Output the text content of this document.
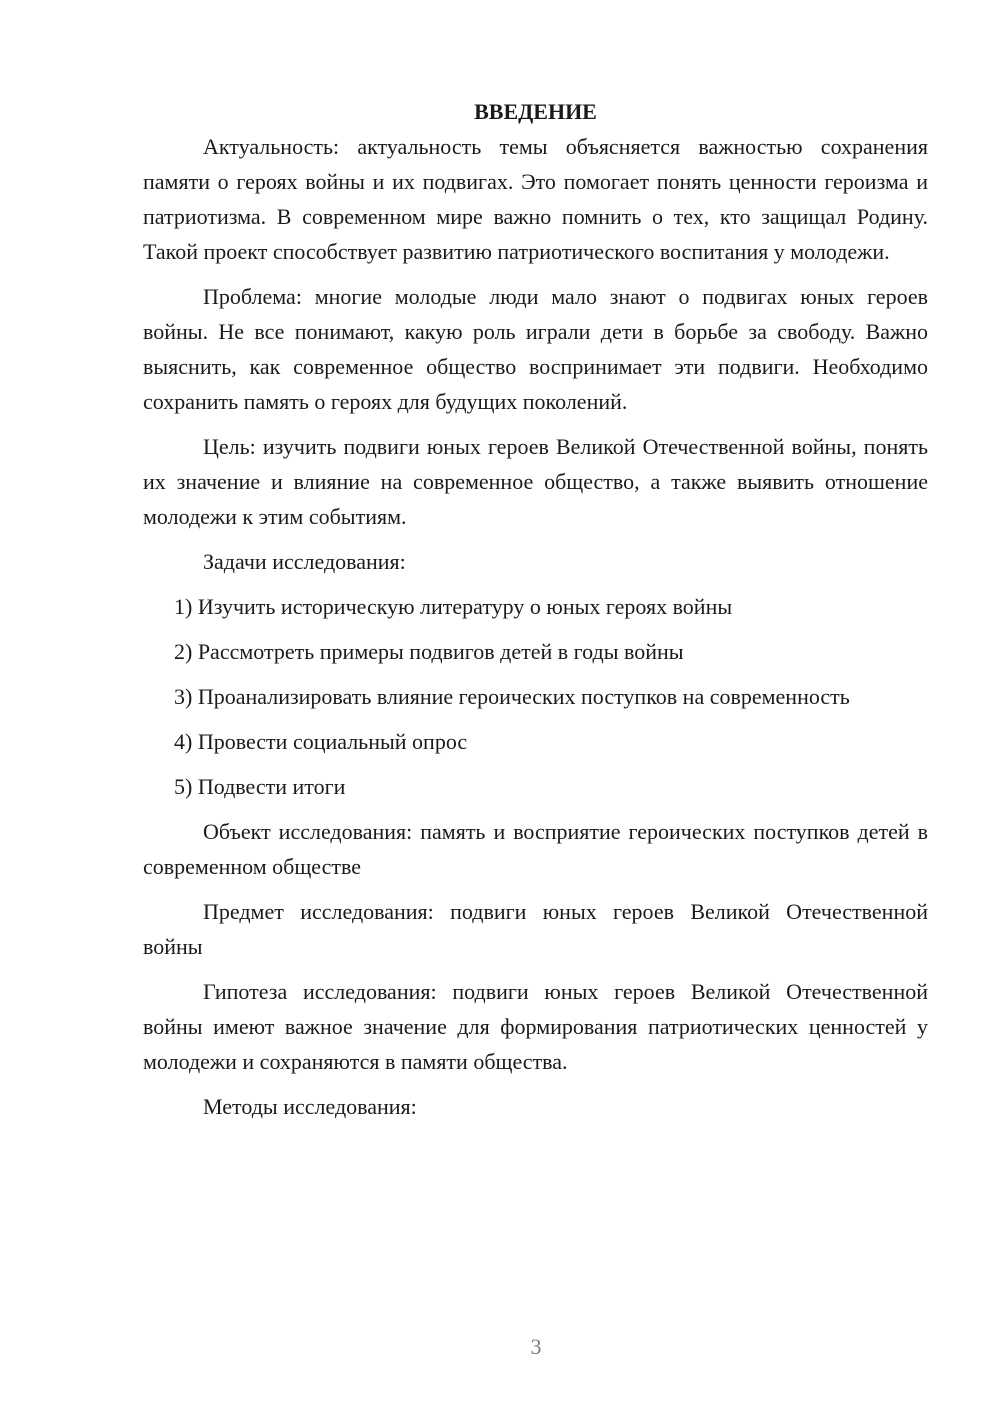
ВВЕДЕНИЕ

Актуальность: актуальность темы объясняется важностью сохранения памяти о героях войны и их подвигах. Это помогает понять ценности героизма и патриотизма. В современном мире важно помнить о тех, кто защищал Родину. Такой проект способствует развитию патриотического воспитания у молодежи.

Проблема: многие молодые люди мало знают о подвигах юных героев войны. Не все понимают, какую роль играли дети в борьбе за свободу. Важно выяснить, как современное общество воспринимает эти подвиги. Необходимо сохранить память о героях для будущих поколений.

Цель: изучить подвиги юных героев Великой Отечественной войны, понять их значение и влияние на современное общество, а также выявить отношение молодежи к этим событиям.

Задачи исследования:

1) Изучить историческую литературу о юных героях войны

2) Рассмотреть примеры подвигов детей в годы войны

3) Проанализировать влияние героических поступков на современность

4) Провести социальный опрос

5) Подвести итоги

Объект исследования: память и восприятие героических поступков детей в современном обществе

Предмет исследования: подвиги юных героев Великой Отечественной войны

Гипотеза исследования: подвиги юных героев Великой Отечественной войны имеют важное значение для формирования патриотических ценностей у молодежи и сохраняются в памяти общества.

Методы исследования:

3
